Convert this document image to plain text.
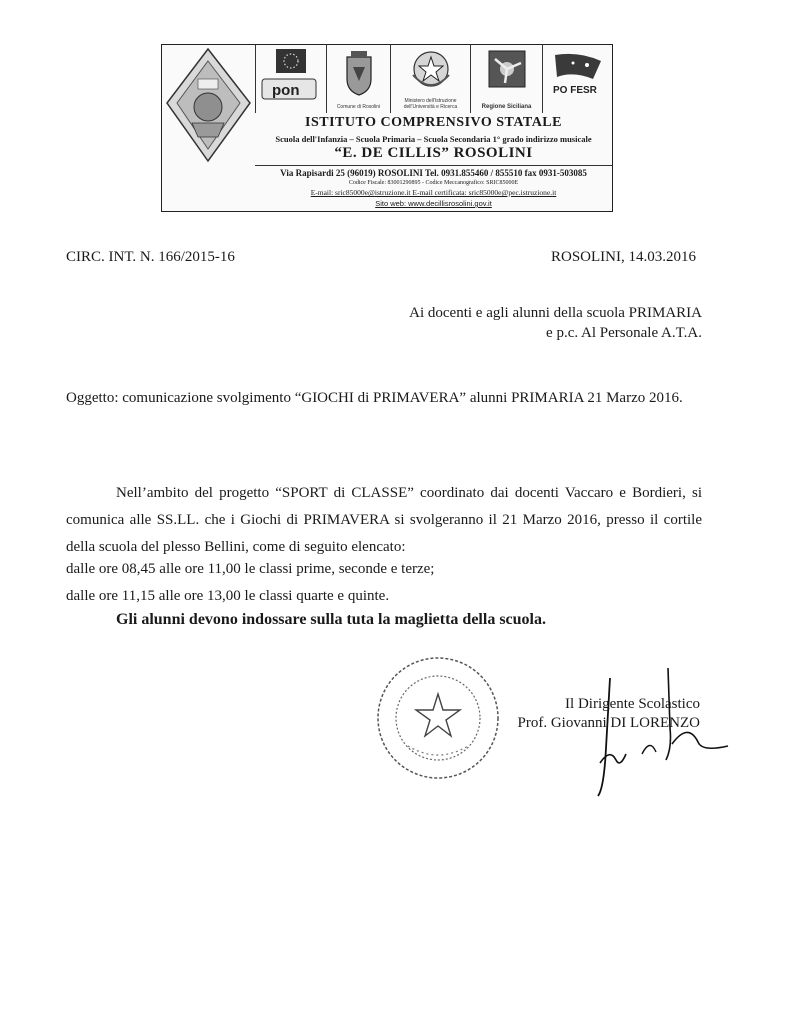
pon
Comune di Rosolini
Ministero dell'Istruzione dell'Università e Ricerca	Regione Siciliana
PO FESR
ISTITUTO COMPRENSIVO STATALE
Scuola dell'Infanzia – Scuola Primaria – Scuola Secondaria 1° grado indirizzo musicale
“E. DE CILLIS” ROSOLINI
Via Rapisardi 25 (96019) ROSOLINI Tel. 0931.855460 / 855510 fax 0931-503085
Codice Fiscale: 83001290895 - Codice Meccanografico: SRIC85000E
E-mail: sric85000e@istruzione.it E-mail certificata: sric85000e@pec.istruzione.it
Sito web: www.decillisrosolini.gov.it
CIRC. INT. N. 166/2015-16	ROSOLINI, 14.03.2016
Ai docenti e agli alunni della scuola PRIMARIA
e p.c. Al Personale A.T.A.
Oggetto: comunicazione svolgimento “GIOCHI di PRIMAVERA” alunni PRIMARIA 21 Marzo 2016.
Nell’ambito del progetto “SPORT di CLASSE” coordinato dai docenti Vaccaro e Bordieri, si comunica alle SS.LL. che i Giochi di PRIMAVERA si svolgeranno il 21 Marzo 2016, presso il cortile della scuola del plesso Bellini, come di seguito elencato:
dalle ore 08,45 alle ore 11,00 le classi prime, seconde e terze;
dalle ore 11,15 alle ore 13,00 le classi quarte e quinte.
Gli alunni devono indossare sulla tuta la maglietta della scuola.
Il Dirigente Scolastico
Prof. Giovanni DI LORENZO
